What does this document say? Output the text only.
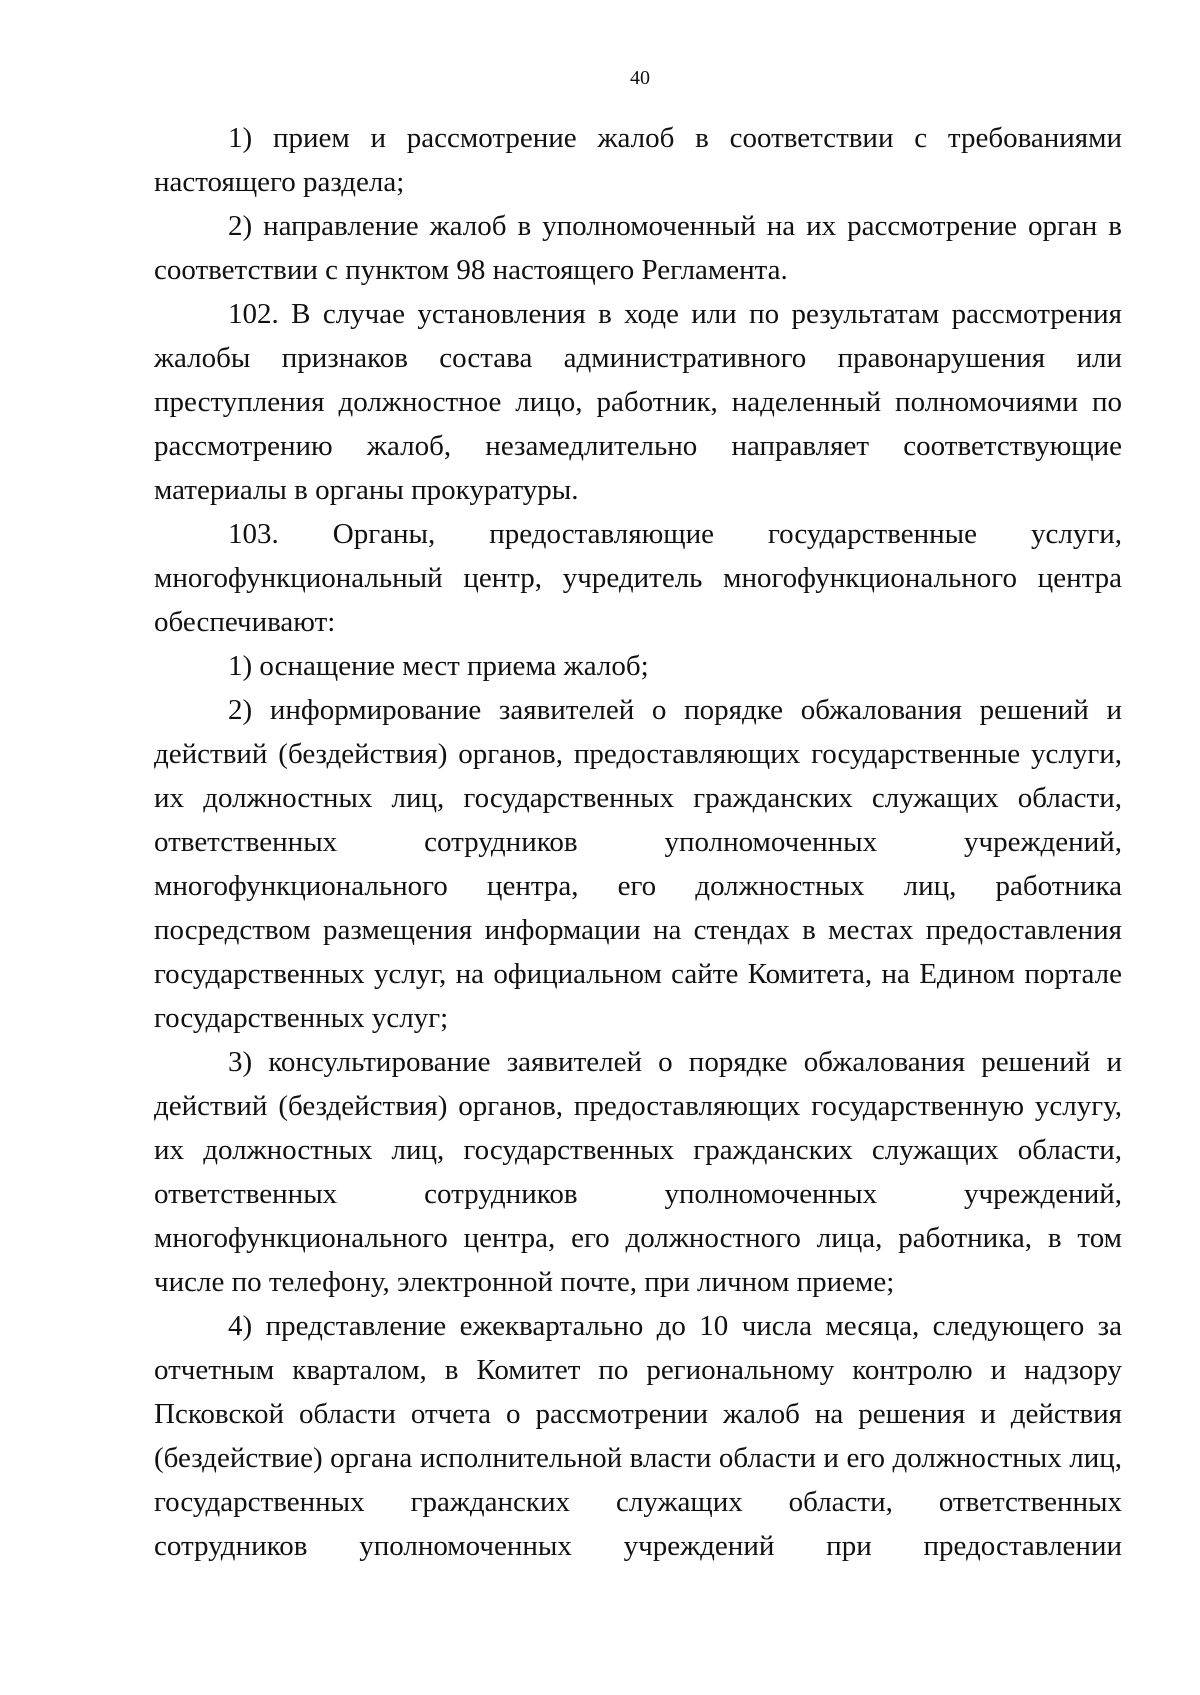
40

1) прием и рассмотрение жалоб в соответствии с требованиями настоящего раздела;

2) направление жалоб в уполномоченный на их рассмотрение орган в соответствии с пунктом 98 настоящего Регламента.

102. В случае установления в ходе или по результатам рассмотрения жалобы признаков состава административного правонарушения или преступления должностное лицо, работник, наделенный полномочиями по рассмотрению жалоб, незамедлительно направляет соответствующие материалы в органы прокуратуры.

103. Органы, предоставляющие государственные услуги, многофункциональный центр, учредитель многофункционального центра обеспечивают:

1) оснащение мест приема жалоб;

2) информирование заявителей о порядке обжалования решений и действий (бездействия) органов, предоставляющих государственные услуги, их должностных лиц, государственных гражданских служащих области, ответственных сотрудников уполномоченных учреждений, многофункционального центра, его должностных лиц, работника посредством размещения информации на стендах в местах предоставления государственных услуг, на официальном сайте Комитета, на Едином портале государственных услуг;

3) консультирование заявителей о порядке обжалования решений и действий (бездействия) органов, предоставляющих государственную услугу, их должностных лиц, государственных гражданских служащих области, ответственных сотрудников уполномоченных учреждений, многофункционального центра, его должностного лица, работника, в том числе по телефону, электронной почте, при личном приеме;

4) представление ежеквартально до 10 числа месяца, следующего за отчетным кварталом, в Комитет по региональному контролю и надзору Псковской области отчета о рассмотрении жалоб на решения и действия (бездействие) органа исполнительной власти области и его должностных лиц, государственных гражданских служащих области, ответственных сотрудников уполномоченных учреждений при предоставлении
